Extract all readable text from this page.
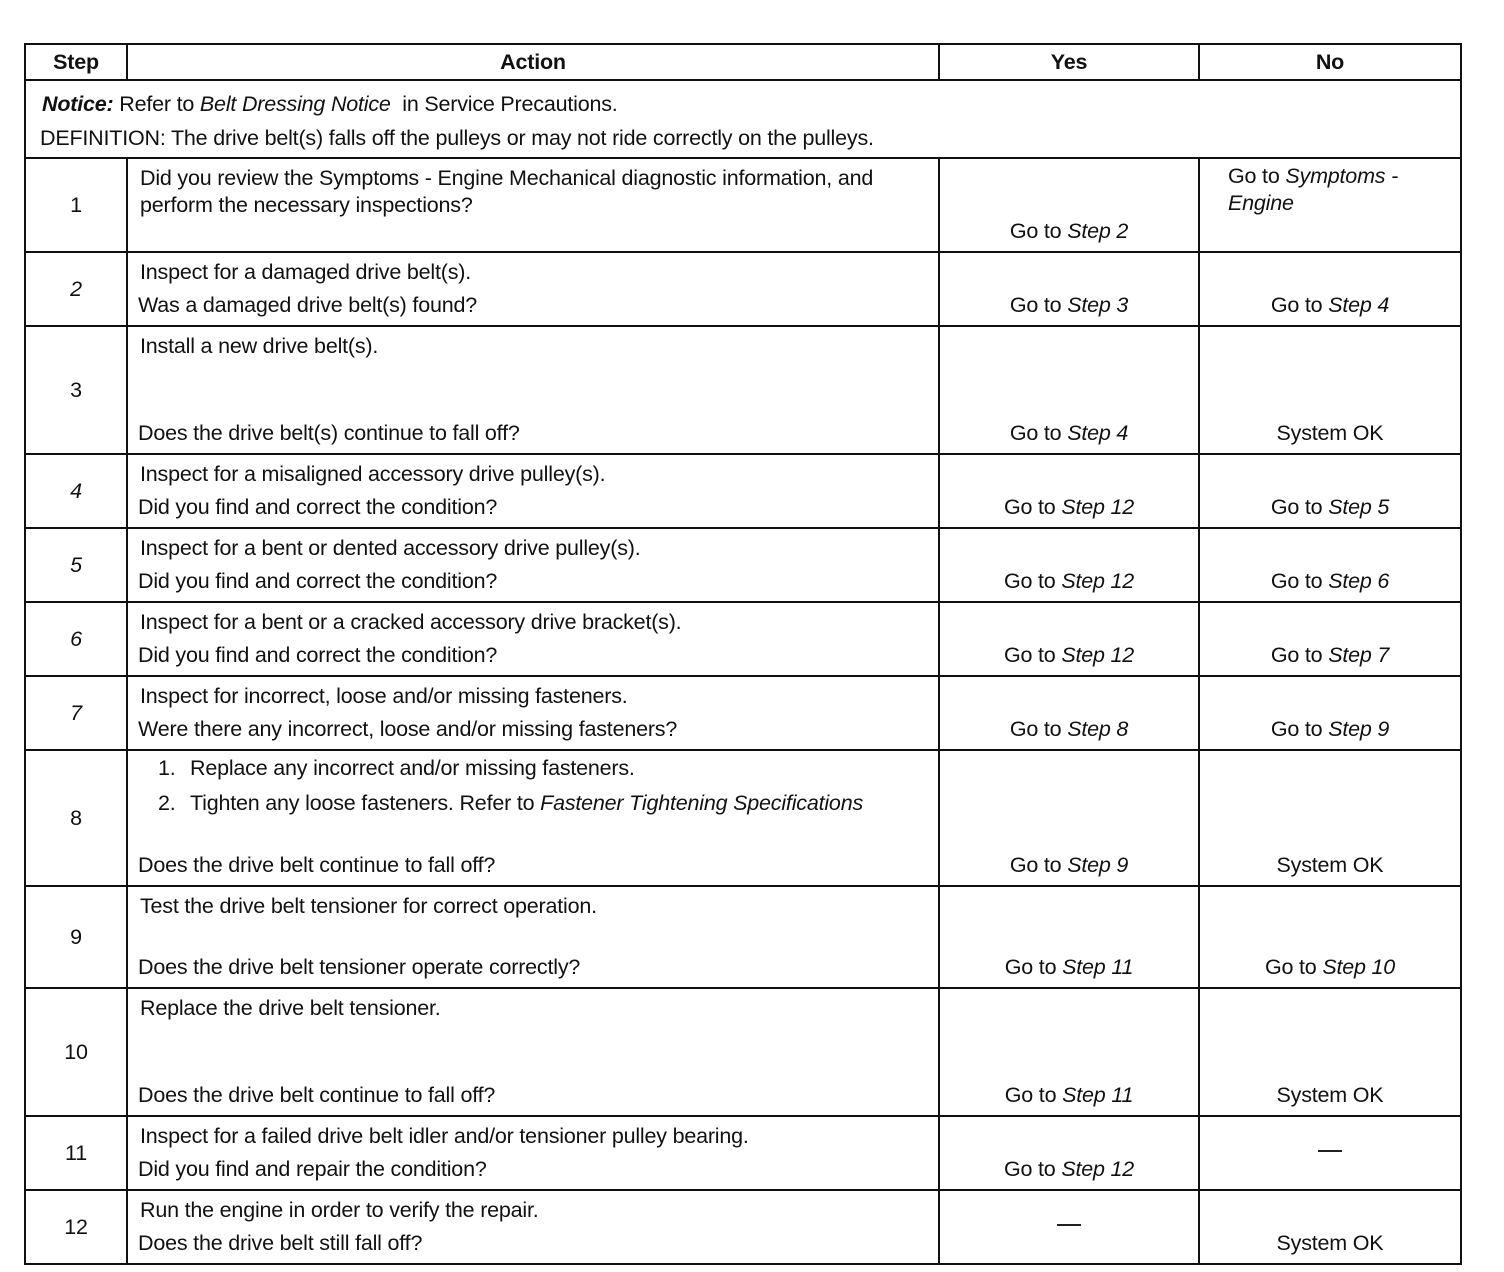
Step	Action	Yes	No

Notice: Refer to Belt Dressing Notice in Service Precautions.
DEFINITION: The drive belt(s) falls off the pulleys or may not ride correctly on the pulleys.			

1	Did you review the Symptoms - Engine Mechanical diagnostic information, and perform the necessary inspections?	Go to Step 2	Go to Symptoms - Engine

2	Inspect for a damaged drive belt(s).
Was a damaged drive belt(s) found?	Go to Step 3	Go to Step 4

3	Install a new drive belt(s).
Does the drive belt(s) continue to fall off?	Go to Step 4	System OK

4	Inspect for a misaligned accessory drive pulley(s).
Did you find and correct the condition?	Go to Step 12	Go to Step 5

5	Inspect for a bent or dented accessory drive pulley(s).
Did you find and correct the condition?	Go to Step 12	Go to Step 6

6	Inspect for a bent or a cracked accessory drive bracket(s).
Did you find and correct the condition?	Go to Step 12	Go to Step 7

7	Inspect for incorrect, loose and/or missing fasteners.
Were there any incorrect, loose and/or missing fasteners?	Go to Step 8	Go to Step 9

8	
1. Replace any incorrect and/or missing fasteners.
2. Tighten any loose fasteners. Refer to Fastener Tightening Specifications
Does the drive belt continue to fall off?	Go to Step 9	System OK

9	Test the drive belt tensioner for correct operation.
Does the drive belt tensioner operate correctly?	Go to Step 11	Go to Step 10

10	Replace the drive belt tensioner.
Does the drive belt continue to fall off?	Go to Step 11	System OK

11	Inspect for a failed drive belt idler and/or tensioner pulley bearing.
Did you find and repair the condition?	Go to Step 12	

12	Run the engine in order to verify the repair.
Does the drive belt still fall off?		System OK
